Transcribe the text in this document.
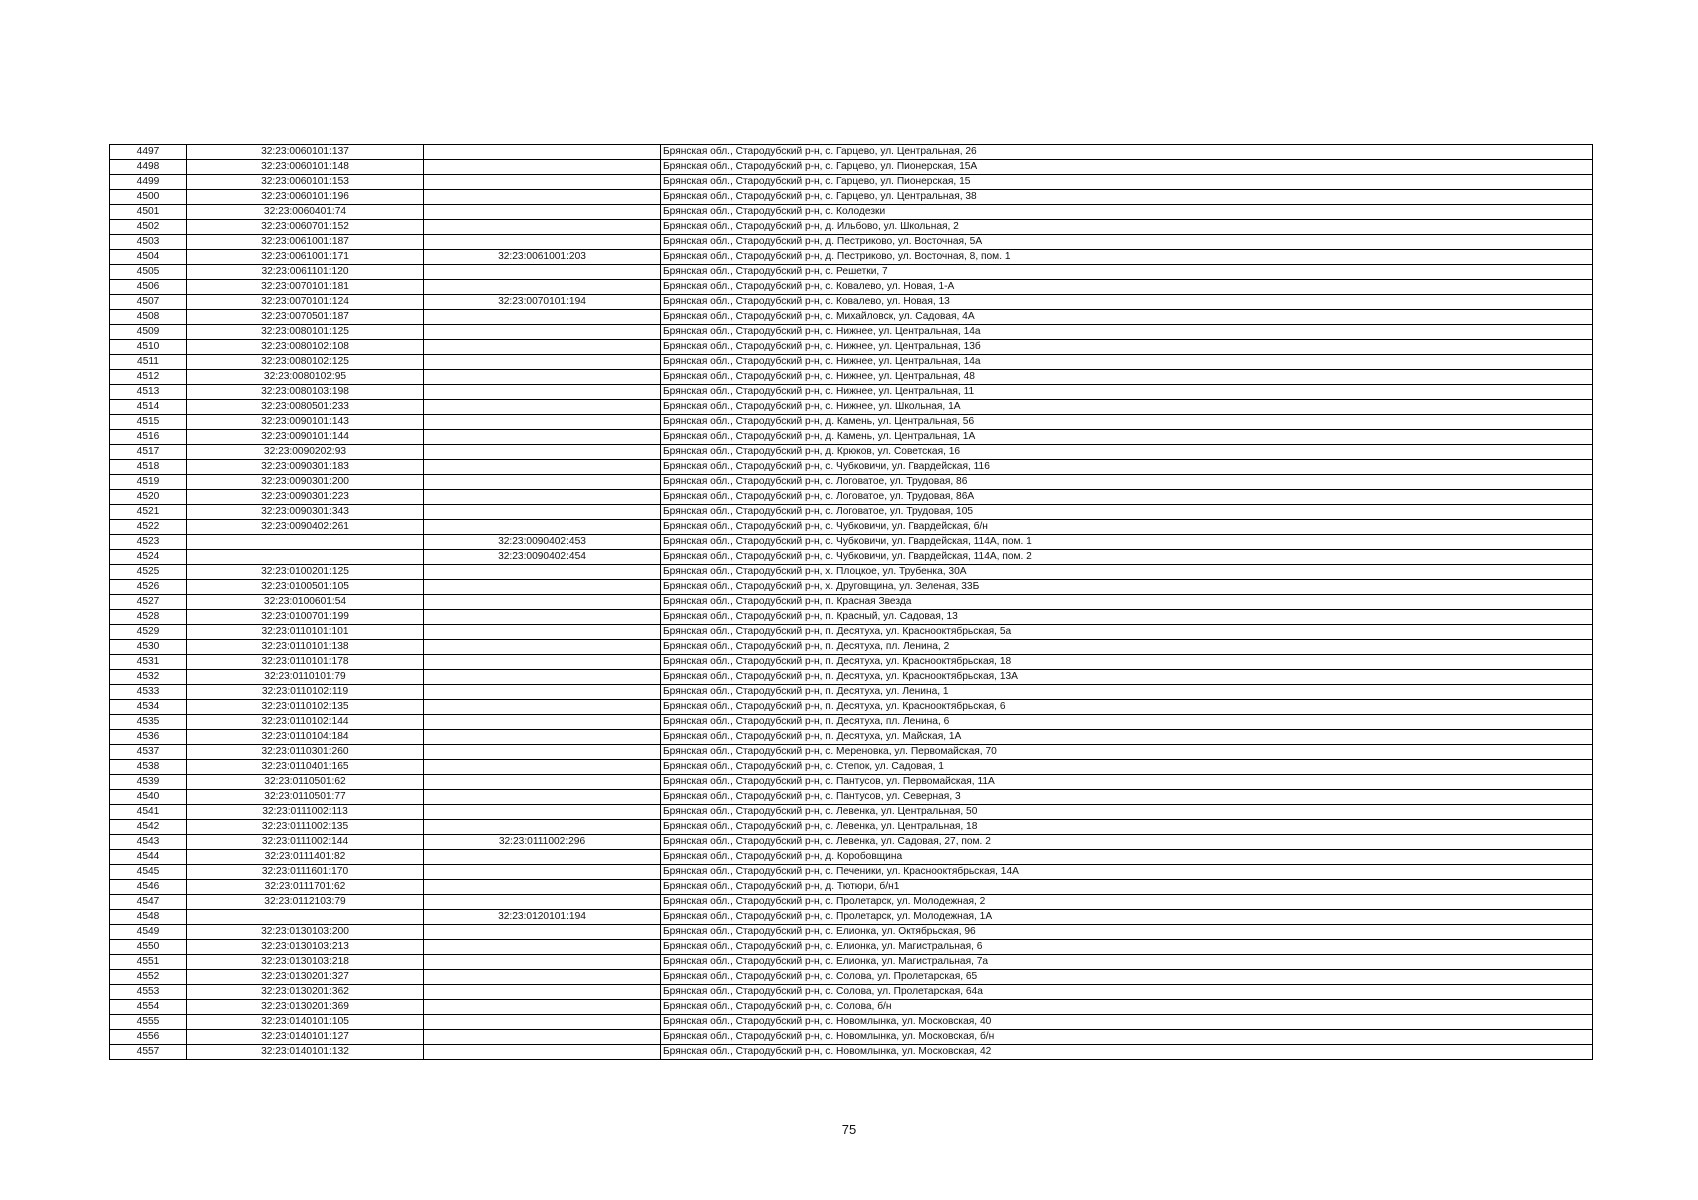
4497	32:23:0060101:137		Брянская обл., Стародубский р-н, с. Гарцево, ул. Центральная, 26
4498	32:23:0060101:148		Брянская обл., Стародубский р-н, с. Гарцево, ул. Пионерская, 15А
4499	32:23:0060101:153		Брянская обл., Стародубский р-н, с. Гарцево, ул. Пионерская, 15
4500	32:23:0060101:196		Брянская обл., Стародубский р-н, с. Гарцево, ул. Центральная, 38
4501	32:23:0060401:74		Брянская обл., Стародубский р-н, с. Колодезки
4502	32:23:0060701:152		Брянская обл., Стародубский р-н, д. Ильбово, ул. Школьная, 2
4503	32:23:0061001:187		Брянская обл., Стародубский р-н, д. Пестриково, ул. Восточная, 5А
4504	32:23:0061001:171	32:23:0061001:203	Брянская обл., Стародубский р-н, д. Пестриково, ул. Восточная, 8, пом. 1
4505	32:23:0061101:120		Брянская обл., Стародубский р-н, с. Решетки, 7
4506	32:23:0070101:181		Брянская обл., Стародубский р-н, с. Ковалево, ул. Новая, 1-А
4507	32:23:0070101:124	32:23:0070101:194	Брянская обл., Стародубский р-н, с. Ковалево, ул. Новая, 13
4508	32:23:0070501:187		Брянская обл., Стародубский р-н, с. Михайловск, ул. Садовая, 4А
4509	32:23:0080101:125		Брянская обл., Стародубский р-н, с. Нижнее, ул. Центральная, 14а
4510	32:23:0080102:108		Брянская обл., Стародубский р-н, с. Нижнее, ул. Центральная, 13б
4511	32:23:0080102:125		Брянская обл., Стародубский р-н, с. Нижнее, ул. Центральная, 14а
4512	32:23:0080102:95		Брянская обл., Стародубский р-н, с. Нижнее, ул. Центральная, 48
4513	32:23:0080103:198		Брянская обл., Стародубский р-н, с. Нижнее, ул. Центральная, 11
4514	32:23:0080501:233		Брянская обл., Стародубский р-н, с. Нижнее, ул. Школьная, 1А
4515	32:23:0090101:143		Брянская обл., Стародубский р-н, д. Камень, ул. Центральная, 56
4516	32:23:0090101:144		Брянская обл., Стародубский р-н, д. Камень, ул. Центральная, 1А
4517	32:23:0090202:93		Брянская обл., Стародубский р-н, д. Крюков, ул. Советская, 16
4518	32:23:0090301:183		Брянская обл., Стародубский р-н, с. Чубковичи, ул. Гвардейская, 116
4519	32:23:0090301:200		Брянская обл., Стародубский р-н, с. Логоватое, ул. Трудовая, 86
4520	32:23:0090301:223		Брянская обл., Стародубский р-н, с. Логоватое, ул. Трудовая, 86А
4521	32:23:0090301:343		Брянская обл., Стародубский р-н, с. Логоватое, ул. Трудовая, 105
4522	32:23:0090402:261		Брянская обл., Стародубский р-н, с. Чубковичи, ул. Гвардейская, б/н
4523		32:23:0090402:453	Брянская обл., Стародубский р-н, с. Чубковичи, ул. Гвардейская, 114А, пом. 1
4524		32:23:0090402:454	Брянская обл., Стародубский р-н, с. Чубковичи, ул. Гвардейская, 114А, пом. 2
4525	32:23:0100201:125		Брянская обл., Стародубский р-н, х. Плоцкое, ул. Трубенка, 30А
4526	32:23:0100501:105		Брянская обл., Стародубский р-н, х. Друговщина, ул. Зеленая, 33Б
4527	32:23:0100601:54		Брянская обл., Стародубский р-н, п. Красная Звезда
4528	32:23:0100701:199		Брянская обл., Стародубский р-н, п. Красный, ул. Садовая, 13
4529	32:23:0110101:101		Брянская обл., Стародубский р-н, п. Десятуха, ул. Краснооктябрьская, 5а
4530	32:23:0110101:138		Брянская обл., Стародубский р-н, п. Десятуха, пл. Ленина, 2
4531	32:23:0110101:178		Брянская обл., Стародубский р-н, п. Десятуха, ул. Краснооктябрьская, 18
4532	32:23:0110101:79		Брянская обл., Стародубский р-н, п. Десятуха, ул. Краснооктябрьская, 13А
4533	32:23:0110102:119		Брянская обл., Стародубский р-н, п. Десятуха, ул. Ленина, 1
4534	32:23:0110102:135		Брянская обл., Стародубский р-н, п. Десятуха, ул. Краснооктябрьская, 6
4535	32:23:0110102:144		Брянская обл., Стародубский р-н, п. Десятуха, пл. Ленина, 6
4536	32:23:0110104:184		Брянская обл., Стародубский р-н, п. Десятуха, ул. Майская, 1А
4537	32:23:0110301:260		Брянская обл., Стародубский р-н, с. Мереновка, ул. Первомайская, 70
4538	32:23:0110401:165		Брянская обл., Стародубский р-н, с. Степок, ул. Садовая, 1
4539	32:23:0110501:62		Брянская обл., Стародубский р-н, с. Пантусов, ул. Первомайская, 11А
4540	32:23:0110501:77		Брянская обл., Стародубский р-н, с. Пантусов, ул. Северная, 3
4541	32:23:0111002:113		Брянская обл., Стародубский р-н, с. Левенка, ул. Центральная, 50
4542	32:23:0111002:135		Брянская обл., Стародубский р-н, с. Левенка, ул. Центральная, 18
4543	32:23:0111002:144	32:23:0111002:296	Брянская обл., Стародубский р-н, с. Левенка, ул. Садовая, 27, пом. 2
4544	32:23:0111401:82		Брянская обл., Стародубский р-н, д. Коробовщина
4545	32:23:0111601:170		Брянская обл., Стародубский р-н, с. Печеники, ул. Краснооктябрьская, 14А
4546	32:23:0111701:62		Брянская обл., Стародубский р-н, д. Тютюри, б/н1
4547	32:23:0112103:79		Брянская обл., Стародубский р-н, с. Пролетарск, ул. Молодежная, 2
4548		32:23:0120101:194	Брянская обл., Стародубский р-н, с. Пролетарск, ул. Молодежная, 1А
4549	32:23:0130103:200		Брянская обл., Стародубский р-н, с. Елионка, ул. Октябрьская, 96
4550	32:23:0130103:213		Брянская обл., Стародубский р-н, с. Елионка, ул. Магистральная, 6
4551	32:23:0130103:218		Брянская обл., Стародубский р-н, с. Елионка, ул. Магистральная, 7а
4552	32:23:0130201:327		Брянская обл., Стародубский р-н, с. Солова, ул. Пролетарская, 65
4553	32:23:0130201:362		Брянская обл., Стародубский р-н, с. Солова, ул. Пролетарская, 64а
4554	32:23:0130201:369		Брянская обл., Стародубский р-н, с. Солова, б/н
4555	32:23:0140101:105		Брянская обл., Стародубский р-н, с. Новомлынка, ул. Московская, 40
4556	32:23:0140101:127		Брянская обл., Стародубский р-н, с. Новомлынка, ул. Московская, б/н
4557	32:23:0140101:132		Брянская обл., Стародубский р-н, с. Новомлынка, ул. Московская, 42
75
